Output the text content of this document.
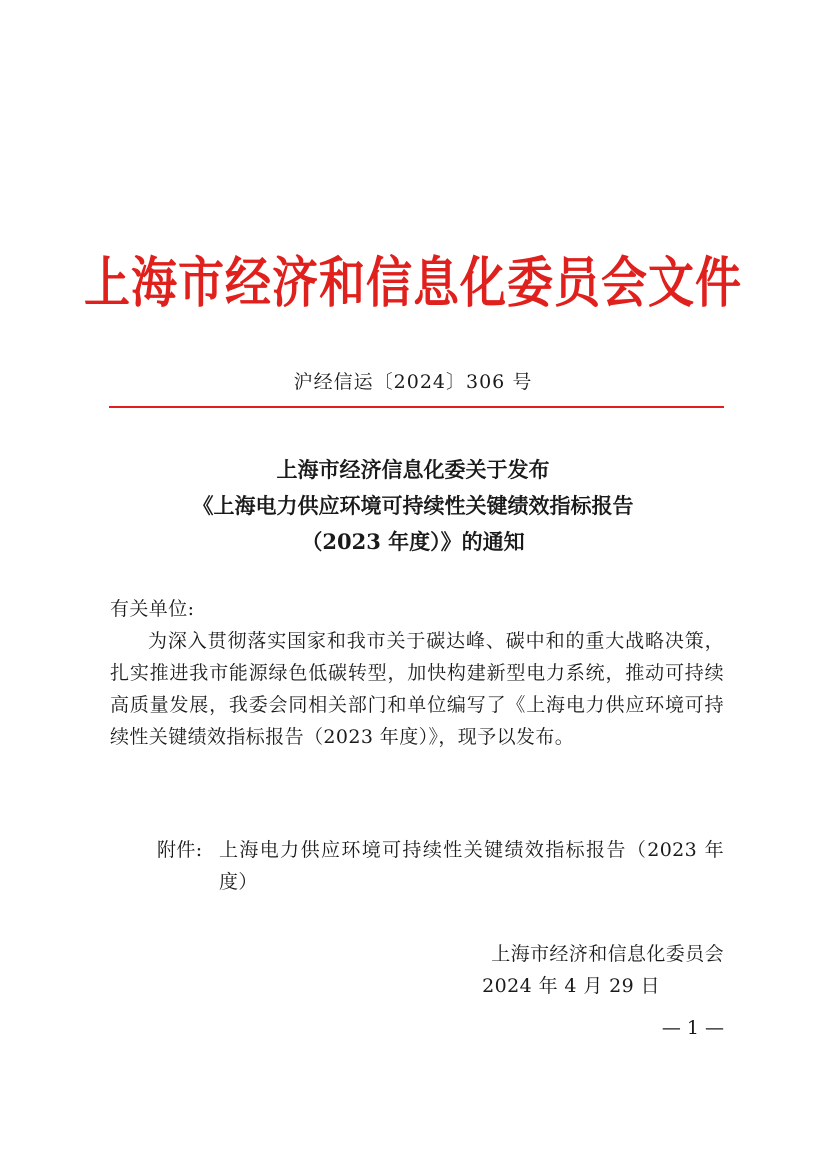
上海市经济和信息化委员会文件
沪经信运〔2024〕306 号
上海市经济信息化委关于发布
《上海电力供应环境可持续性关键绩效指标报告
（2023 年度）》的通知
有关单位:
为深入贯彻落实国家和我市关于碳达峰、碳中和的重大战略决策，扎实推进我市能源绿色低碳转型，加快构建新型电力系统，推动可持续高质量发展，我委会同相关部门和单位编写了《上海电力供应环境可持续性关键绩效指标报告（2023 年度）》，现予以发布。
附件: 上海电力供应环境可持续性关键绩效指标报告（2023 年度）
上海市经济和信息化委员会
2024 年 4 月 29 日
— 1 —
